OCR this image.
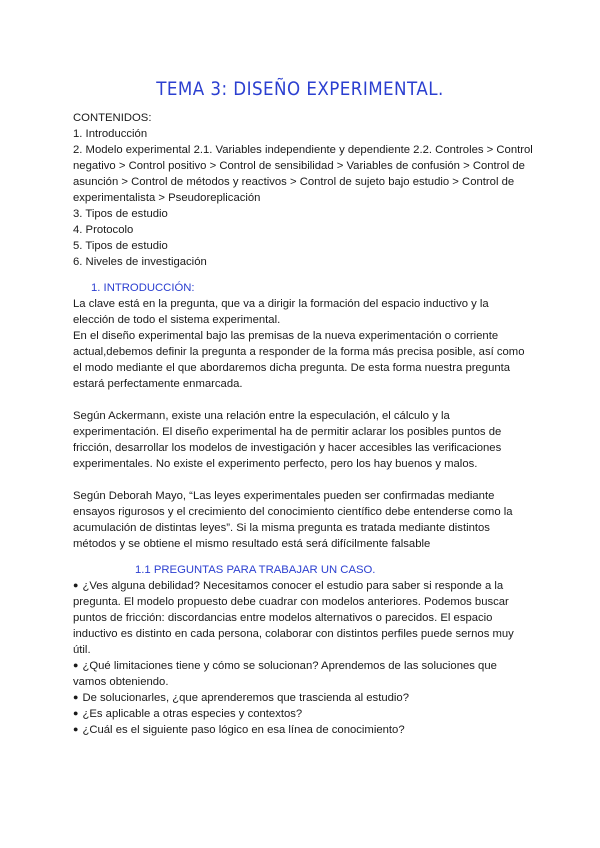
TEMA 3: DISEÑO EXPERIMENTAL.

CONTENIDOS:

1. Introducción

2. Modelo experimental 2.1. Variables independiente y dependiente 2.2. Controles > Control negativo > Control positivo > Control de sensibilidad > Variables de confusión > Control de asunción > Control de métodos y reactivos > Control de sujeto bajo estudio > Control de experimentalista > Pseudoreplicación

3. Tipos de estudio

4. Protocolo

5. Tipos de estudio

6. Niveles de investigación

1. INTRODUCCIÓN:

La clave está en la pregunta, que va a dirigir la formación del espacio inductivo y la elección de todo el sistema experimental.

En el diseño experimental bajo las premisas de la nueva experimentación o corriente actual,debemos definir la pregunta a responder de la forma más precisa posible, así como el modo mediante el que abordaremos dicha pregunta. De esta forma nuestra pregunta estará perfectamente enmarcada.

Según Ackermann, existe una relación entre la especulación, el cálculo y la experimentación. El diseño experimental ha de permitir aclarar los posibles puntos de fricción, desarrollar los modelos de investigación y hacer accesibles las verificaciones experimentales. No existe el experimento perfecto, pero los hay buenos y malos.

Según Deborah Mayo, “Las leyes experimentales pueden ser confirmadas mediante ensayos rigurosos y el crecimiento del conocimiento científico debe entenderse como la acumulación de distintas leyes”. Si la misma pregunta es tratada mediante distintos métodos y se obtiene el mismo resultado está será difícilmente falsable

1.1 PREGUNTAS PARA TRABAJAR UN CASO.

● ¿Ves alguna debilidad? Necesitamos conocer el estudio para saber si responde a la pregunta. El modelo propuesto debe cuadrar con modelos anteriores. Podemos buscar puntos de fricción: discordancias entre modelos alternativos o parecidos. El espacio inductivo es distinto en cada persona, colaborar con distintos perfiles puede sernos muy útil.

● ¿Qué limitaciones tiene y cómo se solucionan? Aprendemos de las soluciones que vamos obteniendo.

● De solucionarles, ¿que aprenderemos que trascienda al estudio?

● ¿Es aplicable a otras especies y contextos?

● ¿Cuál es el siguiente paso lógico en esa línea de conocimiento?
